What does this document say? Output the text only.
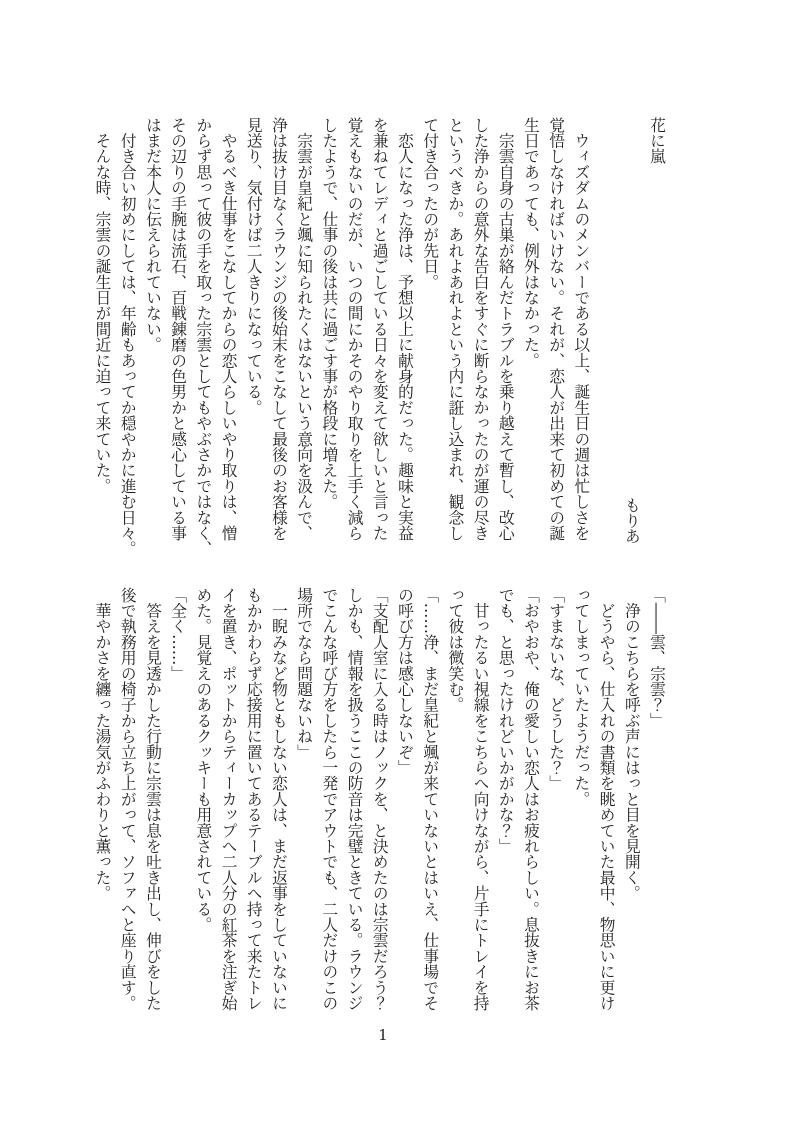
花に嵐
もりあ
　ウィズダムのメンバーである以上、誕生日の週は忙しさを
覚悟しなければいけない。それが、恋人が出来て初めての誕
生日であっても、例外はなかった。
　宗雲自身の古巣が絡んだトラブルを乗り越えて暫し、改心
した浄からの意外な告白をすぐに断らなかったのが運の尽き
というべきか。あれよあれよという内に誑し込まれ、観念し
て付き合ったのが先日。
　恋人になった浄は、予想以上に献身的だった。趣味と実益
を兼ねてレディと過ごしている日々を変えて欲しいと言った
覚えもないのだが、いつの間にかそのやり取りを上手く減ら
したようで、仕事の後は共に過ごす事が格段に増えた。
　宗雲が皇紀と颯に知られたくはないという意向を汲んで、
浄は抜け目なくラウンジの後始末をこなして最後のお客様を
見送り、気付けば二人きりになっている。
　やるべき仕事をこなしてからの恋人らしいやり取りは、憎
からず思って彼の手を取った宗雲としてもやぶさかではなく、
その辺りの手腕は流石、百戦錬磨の色男かと感心している事
はまだ本人に伝えられていない。
　付き合い初めにしては、年齢もあってか穏やかに進む日々。
　そんな時、宗雲の誕生日が間近に迫って来ていた。
「――雲、宗雲？」
　浄のこちらを呼ぶ声にはっと目を見開く。
　どうやら、仕入れの書類を眺めていた最中、物思いに更け
ってしまっていたようだった。
「すまないな、どうした？」
「おやおや、俺の愛しい恋人はお疲れらしい。息抜きにお茶
でも、と思ったけれどいかがかな？」
　甘ったるい視線をこちらへ向けながら、片手にトレイを持
って彼は微笑む。
「……浄、まだ皇紀と颯が来ていないとはいえ、仕事場でそ
の呼び方は感心しないぞ」
「支配人室に入る時はノックを、と決めたのは宗雲だろう？
しかも、情報を扱うここの防音は完璧ときている。ラウンジ
でこんな呼び方をしたら一発でアウトでも、二人だけのこの
場所でなら問題ないね」
　一睨みなど物ともしない恋人は、まだ返事をしていないに
もかかわらず応接用に置いてあるテーブルへ持って来たトレ
イを置き、ポットからティーカップへ二人分の紅茶を注ぎ始
めた。見覚えのあるクッキーも用意されている。
「全く……」
　答えを見透かした行動に宗雲は息を吐き出し、伸びをした
後で執務用の椅子から立ち上がって、ソファへと座り直す。
　華やかさを纏った湯気がふわりと薫った。
1
